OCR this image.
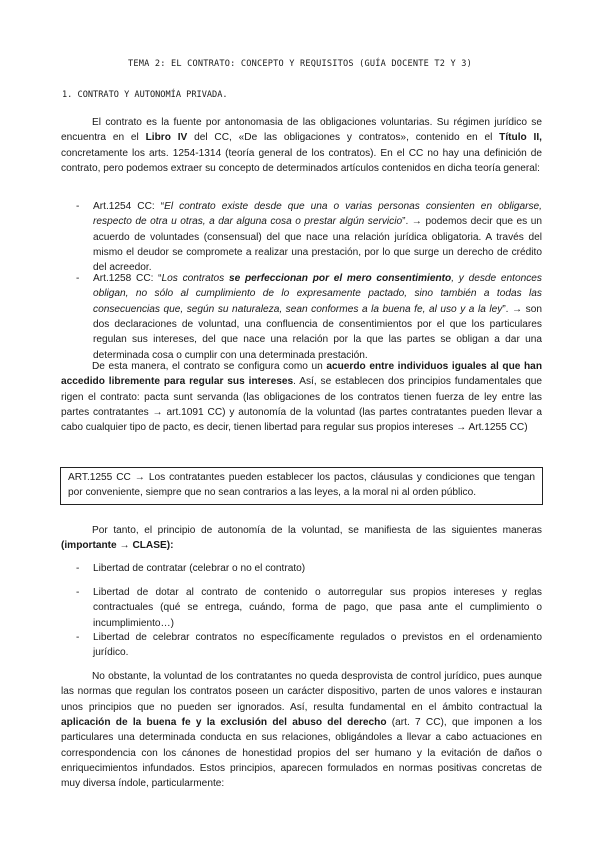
TEMA 2: EL CONTRATO: CONCEPTO Y REQUISITOS (GUÍA DOCENTE T2 Y 3)
1. CONTRATO Y AUTONOMÍA PRIVADA.

El contrato es la fuente por antonomasia de las obligaciones voluntarias. Su régimen jurídico se encuentra en el Libro IV del CC, «De las obligaciones y contratos», contenido en el Título II, concretamente los arts. 1254-1314 (teoría general de los contratos). En el CC no hay una definición de contrato, pero podemos extraer su concepto de determinados artículos contenidos en dicha teoría general:

- Art.1254 CC: “El contrato existe desde que una o varias personas consienten en obligarse, respecto de otra u otras, a dar alguna cosa o prestar algún servicio”. → podemos decir que es un acuerdo de voluntades (consensual) del que nace una relación jurídica obligatoria. A través del mismo el deudor se compromete a realizar una prestación, por lo que surge un derecho de crédito del acreedor.

- Art.1258 CC: “Los contratos se perfeccionan por el mero consentimiento, y desde entonces obligan, no sólo al cumplimiento de lo expresamente pactado, sino también a todas las consecuencias que, según su naturaleza, sean conformes a la buena fe, al uso y a la ley”. → son dos declaraciones de voluntad, una confluencia de consentimientos por el que los particulares regulan sus intereses, del que nace una relación por la que las partes se obligan a dar una determinada cosa o cumplir con una determinada prestación.

De esta manera, el contrato se configura como un acuerdo entre individuos iguales al que han accedido libremente para regular sus intereses. Así, se establecen dos principios fundamentales que rigen el contrato: pacta sunt servanda (las obligaciones de los contratos tienen fuerza de ley entre las partes contratantes → art.1091 CC) y autonomía de la voluntad (las partes contratantes pueden llevar a cabo cualquier tipo de pacto, es decir, tienen libertad para regular sus propios intereses → Art.1255 CC)

ART.1255 CC → Los contratantes pueden establecer los pactos, cláusulas y condiciones que tengan por conveniente, siempre que no sean contrarios a las leyes, a la moral ni al orden público.

Por tanto, el principio de autonomía de la voluntad, se manifiesta de las siguientes maneras (importante → CLASE):

- Libertad de contratar (celebrar o no el contrato)

- Libertad de dotar al contrato de contenido o autorregular sus propios intereses y reglas contractuales (qué se entrega, cuándo, forma de pago, que pasa ante el cumplimiento o incumplimiento…)

- Libertad de celebrar contratos no específicamente regulados o previstos en el ordenamiento jurídico.

No obstante, la voluntad de los contratantes no queda desprovista de control jurídico, pues aunque las normas que regulan los contratos poseen un carácter dispositivo, parten de unos valores e instauran unos principios que no pueden ser ignorados. Así, resulta fundamental en el ámbito contractual la aplicación de la buena fe y la exclusión del abuso del derecho (art. 7 CC), que imponen a los particulares una determinada conducta en sus relaciones, obligándoles a llevar a cabo actuaciones en correspondencia con los cánones de honestidad propios del ser humano y la evitación de daños o enriquecimientos infundados. Estos principios, aparecen formulados en normas positivas concretas de muy diversa índole, particularmente:
